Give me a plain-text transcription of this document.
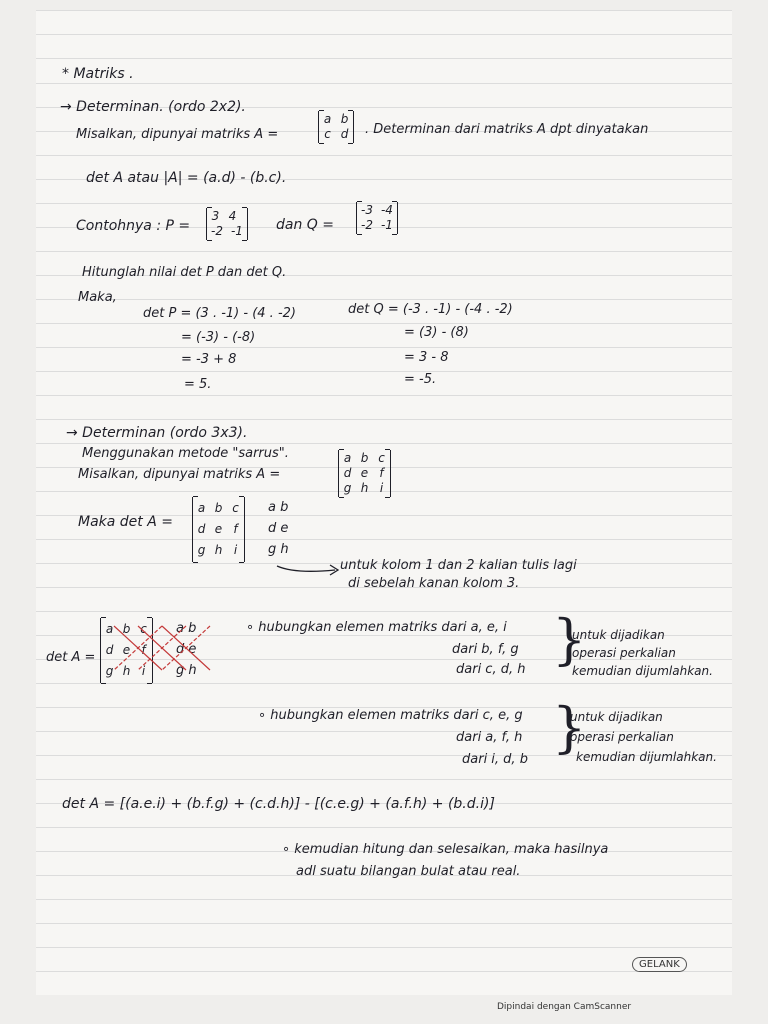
* Matriks .
→ Determinan. (ordo 2x2).
Misalkan, dipunyai matriks A =
a b
c d . Determinan dari matriks A dpt dinyatakan
det A atau |A| = (a.d) - (b.c).
Contohnya : P =
3 4
-2 -1 dan Q =
-3 -4
-2 -1
Hitunglah nilai det P dan det Q.
Maka,
det P = (3 . -1) - (4 . -2)
= (-3) - (-8)
= -3 + 8
= 5.
det Q = (-3 . -1) - (-4 . -2)
= (3) - (8)
= 3 - 8
= -5.
→ Determinan (ordo 3x3).
Menggunakan metode "sarrus".
Misalkan, dipunyai matriks A =
a b c
d e f
g h i
Maka det A =
a b c
d e f
g h i
a b
d e
g h
untuk kolom 1 dan 2 kalian tulis lagi
di sebelah kanan kolom 3.
det A =
a b c
d e f
g h i
a b
d e
g h
∘ hubungkan elemen matriks dari a, e, i
dari b, f, g
dari c, d, h }
untuk dijadikan
operasi perkalian
kemudian dijumlahkan.
∘ hubungkan elemen matriks dari c, e, g
dari a, f, h
dari i, d, b
}
untuk dijadikan
operasi perkalian
kemudian dijumlahkan.
det A = [(a.e.i) + (b.f.g) + (c.d.h)] - [(c.e.g) + (a.f.h) + (b.d.i)]
∘ kemudian hitung dan selesaikan, maka hasilnya
adl suatu bilangan bulat atau real.
GELANK
Dipindai dengan CamScanner
